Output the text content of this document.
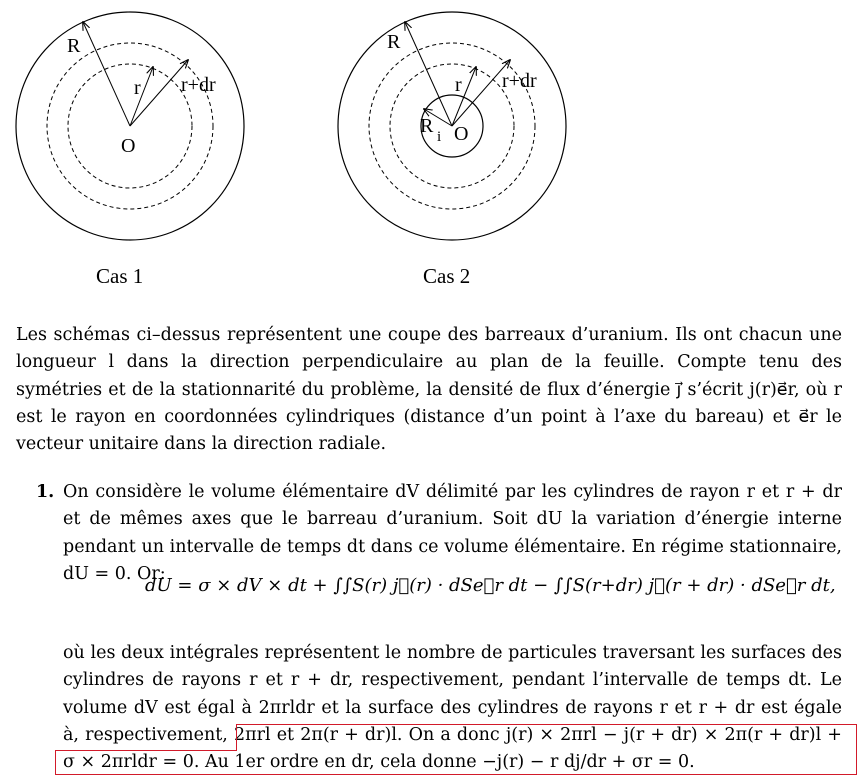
R
r r+dr
O
R
r r+dr
R i O
Cas 1	Cas 2
Les schémas ci–dessus représentent une coupe des barreaux d’uranium. Ils ont chacun une longueur l dans la direction perpendiculaire au plan de la feuille. Compte tenu des symétries et de la stationnarité du problème, la densité de flux d’énergie j⃗ s’écrit j(r)e⃗r, où r est le rayon en coordonnées cylindriques (distance d’un point à l’axe du bareau) et e⃗r le vecteur unitaire dans la direction radiale.
1. On considère le volume élémentaire dV délimité par les cylindres de rayon r et r + dr et de mêmes axes que le barreau d’uranium. Soit dU la variation d’énergie interne pendant un intervalle de temps dt dans ce volume élémentaire. En régime stationnaire, dU = 0. Or:
dU = σ × dV × dt + ∫∫S(r) j⃗(r) · dSe⃗r dt − ∫∫S(r+dr) j⃗(r + dr) · dSe⃗r dt,
où les deux intégrales représentent le nombre de particules traversant les surfaces des cylindres de rayons r et r + dr, respectivement, pendant l’intervalle de temps dt. Le volume dV est égal à 2πrldr et la surface des cylindres de rayons r et r + dr est égale à, respectivement, 2πrl et 2π(r + dr)l. On a donc j(r) × 2πrl − j(r + dr) × 2π(r + dr)l + σ × 2πrldr = 0. Au 1er ordre en dr, cela donne −j(r) − r dj/dr + σr = 0.
